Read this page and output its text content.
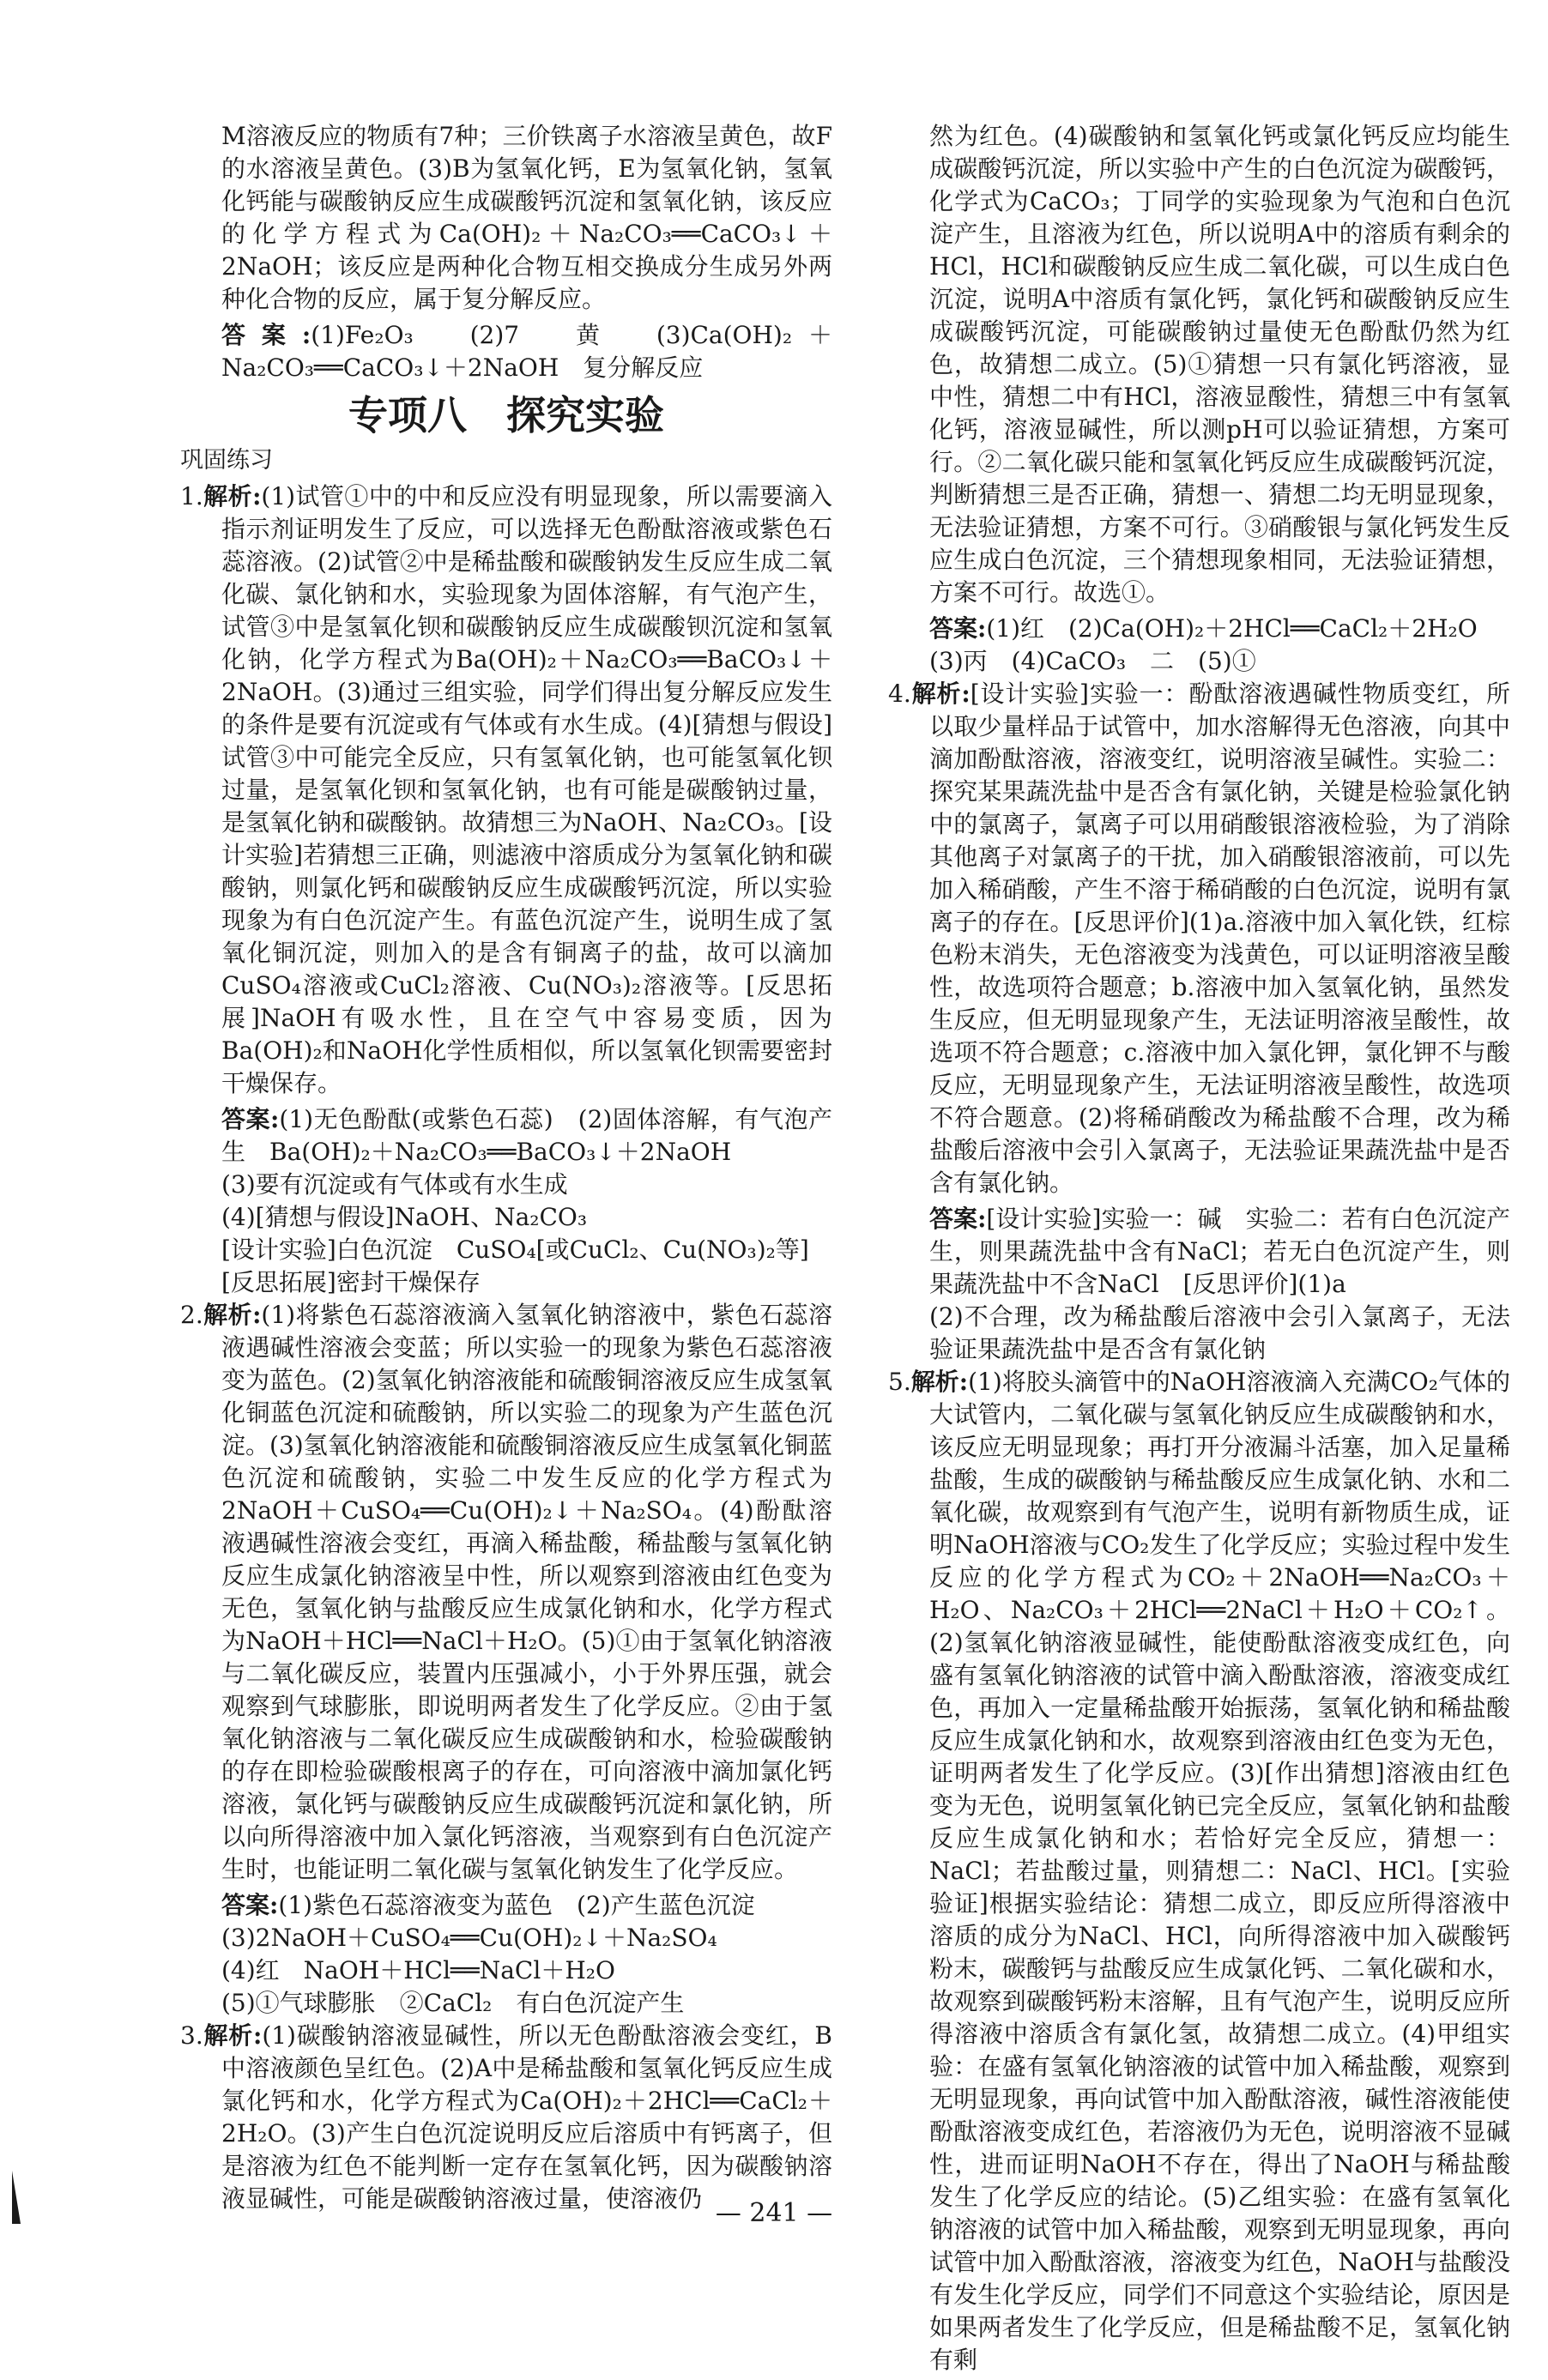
M溶液反应的物质有7种；三价铁离子水溶液呈黄色，故F的水溶液呈黄色。(3)B为氢氧化钙，E为氢氧化钠，氢氧化钙能与碳酸钠反应生成碳酸钙沉淀和氢氧化钠，该反应的化学方程式为Ca(OH)₂＋Na₂CO₃══CaCO₃↓＋2NaOH；该反应是两种化合物互相交换成分生成另外两种化合物的反应，属于复分解反应。

答案:(1)Fe₂O₃　(2)7　黄　(3)Ca(OH)₂＋Na₂CO₃══CaCO₃↓＋2NaOH　复分解反应

专项八　探究实验
巩固练习

1.解析:(1)试管①中的中和反应没有明显现象，所以需要滴入指示剂证明发生了反应，可以选择无色酚酞溶液或紫色石蕊溶液。(2)试管②中是稀盐酸和碳酸钠发生反应生成二氧化碳、氯化钠和水，实验现象为固体溶解，有气泡产生，试管③中是氢氧化钡和碳酸钠反应生成碳酸钡沉淀和氢氧化钠，化学方程式为Ba(OH)₂＋Na₂CO₃══BaCO₃↓＋2NaOH。(3)通过三组实验，同学们得出复分解反应发生的条件是要有沉淀或有气体或有水生成。(4)[猜想与假设]试管③中可能完全反应，只有氢氧化钠，也可能氢氧化钡过量，是氢氧化钡和氢氧化钠，也有可能是碳酸钠过量，是氢氧化钠和碳酸钠。故猜想三为NaOH、Na₂CO₃。[设计实验]若猜想三正确，则滤液中溶质成分为氢氧化钠和碳酸钠，则氯化钙和碳酸钠反应生成碳酸钙沉淀，所以实验现象为有白色沉淀产生。有蓝色沉淀产生，说明生成了氢氧化铜沉淀，则加入的是含有铜离子的盐，故可以滴加CuSO₄溶液或CuCl₂溶液、Cu(NO₃)₂溶液等。[反思拓展]NaOH有吸水性，且在空气中容易变质，因为Ba(OH)₂和NaOH化学性质相似，所以氢氧化钡需要密封干燥保存。

答案:(1)无色酚酞(或紫色石蕊)　(2)固体溶解，有气泡产生　Ba(OH)₂＋Na₂CO₃══BaCO₃↓＋2NaOH
(3)要有沉淀或有气体或有水生成
(4)[猜想与假设]NaOH、Na₂CO₃
[设计实验]白色沉淀　CuSO₄[或CuCl₂、Cu(NO₃)₂等]
[反思拓展]密封干燥保存

2.解析:(1)将紫色石蕊溶液滴入氢氧化钠溶液中，紫色石蕊溶液遇碱性溶液会变蓝；所以实验一的现象为紫色石蕊溶液变为蓝色。(2)氢氧化钠溶液能和硫酸铜溶液反应生成氢氧化铜蓝色沉淀和硫酸钠，所以实验二的现象为产生蓝色沉淀。(3)氢氧化钠溶液能和硫酸铜溶液反应生成氢氧化铜蓝色沉淀和硫酸钠，实验二中发生反应的化学方程式为2NaOH＋CuSO₄══Cu(OH)₂↓＋Na₂SO₄。(4)酚酞溶液遇碱性溶液会变红，再滴入稀盐酸，稀盐酸与氢氧化钠反应生成氯化钠溶液呈中性，所以观察到溶液由红色变为无色，氢氧化钠与盐酸反应生成氯化钠和水，化学方程式为NaOH＋HCl══NaCl＋H₂O。(5)①由于氢氧化钠溶液与二氧化碳反应，装置内压强减小，小于外界压强，就会观察到气球膨胀，即说明两者发生了化学反应。②由于氢氧化钠溶液与二氧化碳反应生成碳酸钠和水，检验碳酸钠的存在即检验碳酸根离子的存在，可向溶液中滴加氯化钙溶液，氯化钙与碳酸钠反应生成碳酸钙沉淀和氯化钠，所以向所得溶液中加入氯化钙溶液，当观察到有白色沉淀产生时，也能证明二氧化碳与氢氧化钠发生了化学反应。

答案:(1)紫色石蕊溶液变为蓝色　(2)产生蓝色沉淀
(3)2NaOH＋CuSO₄══Cu(OH)₂↓＋Na₂SO₄
(4)红　NaOH＋HCl══NaCl＋H₂O
(5)①气球膨胀　②CaCl₂　有白色沉淀产生

3.解析:(1)碳酸钠溶液显碱性，所以无色酚酞溶液会变红，B中溶液颜色呈红色。(2)A中是稀盐酸和氢氧化钙反应生成氯化钙和水，化学方程式为Ca(OH)₂＋2HCl══CaCl₂＋2H₂O。(3)产生白色沉淀说明反应后溶质中有钙离子，但是溶液为红色不能判断一定存在氢氧化钙，因为碳酸钠溶液显碱性，可能是碳酸钠溶液过量，使溶液仍

然为红色。(4)碳酸钠和氢氧化钙或氯化钙反应均能生成碳酸钙沉淀，所以实验中产生的白色沉淀为碳酸钙，化学式为CaCO₃；丁同学的实验现象为气泡和白色沉淀产生，且溶液为红色，所以说明A中的溶质有剩余的HCl，HCl和碳酸钠反应生成二氧化碳，可以生成白色沉淀，说明A中溶质有氯化钙，氯化钙和碳酸钠反应生成碳酸钙沉淀，可能碳酸钠过量使无色酚酞仍然为红色，故猜想二成立。(5)①猜想一只有氯化钙溶液，显中性，猜想二中有HCl，溶液显酸性，猜想三中有氢氧化钙，溶液显碱性，所以测pH可以验证猜想，方案可行。②二氧化碳只能和氢氧化钙反应生成碳酸钙沉淀，判断猜想三是否正确，猜想一、猜想二均无明显现象，无法验证猜想，方案不可行。③硝酸银与氯化钙发生反应生成白色沉淀，三个猜想现象相同，无法验证猜想，方案不可行。故选①。

答案:(1)红　(2)Ca(OH)₂＋2HCl══CaCl₂＋2H₂O
(3)丙　(4)CaCO₃　二　(5)①

4.解析:[设计实验]实验一：酚酞溶液遇碱性物质变红，所以取少量样品于试管中，加水溶解得无色溶液，向其中滴加酚酞溶液，溶液变红，说明溶液呈碱性。实验二：探究某果蔬洗盐中是否含有氯化钠，关键是检验氯化钠中的氯离子，氯离子可以用硝酸银溶液检验，为了消除其他离子对氯离子的干扰，加入硝酸银溶液前，可以先加入稀硝酸，产生不溶于稀硝酸的白色沉淀，说明有氯离子的存在。[反思评价](1)a.溶液中加入氧化铁，红棕色粉末消失，无色溶液变为浅黄色，可以证明溶液呈酸性，故选项符合题意；b.溶液中加入氢氧化钠，虽然发生反应，但无明显现象产生，无法证明溶液呈酸性，故选项不符合题意；c.溶液中加入氯化钾，氯化钾不与酸反应，无明显现象产生，无法证明溶液呈酸性，故选项不符合题意。(2)将稀硝酸改为稀盐酸不合理，改为稀盐酸后溶液中会引入氯离子，无法验证果蔬洗盐中是否含有氯化钠。

答案:[设计实验]实验一：碱　实验二：若有白色沉淀产生，则果蔬洗盐中含有NaCl；若无白色沉淀产生，则果蔬洗盐中不含NaCl　[反思评价](1)a
(2)不合理，改为稀盐酸后溶液中会引入氯离子，无法验证果蔬洗盐中是否含有氯化钠

5.解析:(1)将胶头滴管中的NaOH溶液滴入充满CO₂气体的大试管内，二氧化碳与氢氧化钠反应生成碳酸钠和水，该反应无明显现象；再打开分液漏斗活塞，加入足量稀盐酸，生成的碳酸钠与稀盐酸反应生成氯化钠、水和二氧化碳，故观察到有气泡产生，说明有新物质生成，证明NaOH溶液与CO₂发生了化学反应；实验过程中发生反应的化学方程式为CO₂＋2NaOH══Na₂CO₃＋H₂O、Na₂CO₃＋2HCl══2NaCl＋H₂O＋CO₂↑。(2)氢氧化钠溶液显碱性，能使酚酞溶液变成红色，向盛有氢氧化钠溶液的试管中滴入酚酞溶液，溶液变成红色，再加入一定量稀盐酸开始振荡，氢氧化钠和稀盐酸反应生成氯化钠和水，故观察到溶液由红色变为无色，证明两者发生了化学反应。(3)[作出猜想]溶液由红色变为无色，说明氢氧化钠已完全反应，氢氧化钠和盐酸反应生成氯化钠和水；若恰好完全反应，猜想一：NaCl；若盐酸过量，则猜想二：NaCl、HCl。[实验验证]根据实验结论：猜想二成立，即反应所得溶液中溶质的成分为NaCl、HCl，向所得溶液中加入碳酸钙粉末，碳酸钙与盐酸反应生成氯化钙、二氧化碳和水，故观察到碳酸钙粉末溶解，且有气泡产生，说明反应所得溶液中溶质含有氯化氢，故猜想二成立。(4)甲组实验：在盛有氢氧化钠溶液的试管中加入稀盐酸，观察到无明显现象，再向试管中加入酚酞溶液，碱性溶液能使酚酞溶液变成红色，若溶液仍为无色，说明溶液不显碱性，进而证明NaOH不存在，得出了NaOH与稀盐酸发生了化学反应的结论。(5)乙组实验：在盛有氢氧化钠溶液的试管中加入稀盐酸，观察到无明显现象，再向试管中加入酚酞溶液，溶液变为红色，NaOH与盐酸没有发生化学反应，同学们不同意这个实验结论，原因是如果两者发生了化学反应，但是稀盐酸不足，氢氧化钠有剩

— 241 —
